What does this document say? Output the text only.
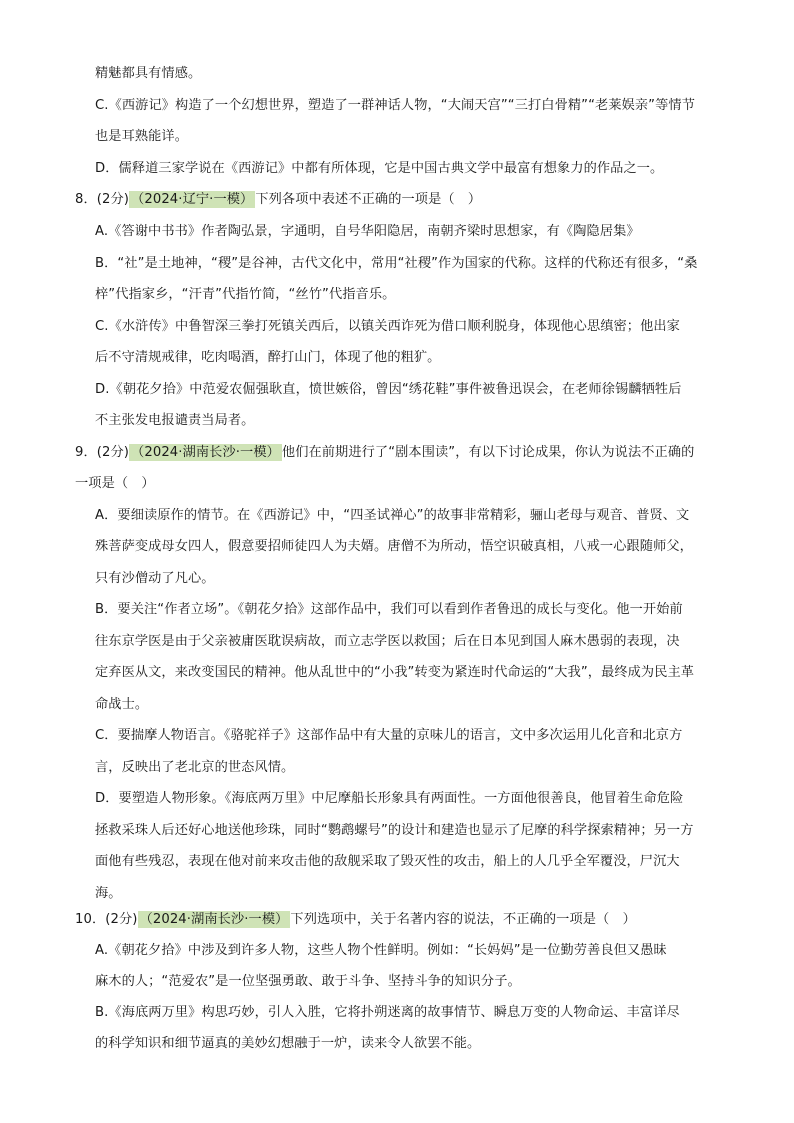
精魅都具有情感。
C.《西游记》构造了一个幻想世界，塑造了一群神话人物，“大闹天宫”“三打白骨精”“老莱娱亲”等情节
也是耳熟能详。
D．儒释道三家学说在《西游记》中都有所体现，它是中国古典文学中最富有想象力的作品之一。
8．(2分) （2024·辽宁·一模） 下列各项中表述不正确的一项是（　）
A.《答谢中书书》作者陶弘景，字通明，自号华阳隐居，南朝齐梁时思想家，有《陶隐居集》
B．“社”是土地神，“稷”是谷神，古代文化中，常用“社稷”作为国家的代称。这样的代称还有很多，“桑
梓”代指家乡，“汗青”代指竹简，“丝竹”代指音乐。
C.《水浒传》中鲁智深三拳打死镇关西后，以镇关西诈死为借口顺利脱身，体现他心思缜密；他出家
后不守清规戒律，吃肉喝酒，醉打山门，体现了他的粗犷。
D.《朝花夕拾》中范爱农倔强耿直，愤世嫉俗，曾因“绣花鞋”事件被鲁迅误会，在老师徐锡麟牺牲后
不主张发电报谴责当局者。
9．(2分) （2024·湖南长沙·一模） 他们在前期进行了“剧本围读”，有以下讨论成果，你认为说法不正确的
一项是（　）
A．要细读原作的情节。在《西游记》中，“四圣试禅心”的故事非常精彩，骊山老母与观音、普贤、文
殊菩萨变成母女四人，假意要招师徒四人为夫婿。唐僧不为所动，悟空识破真相，八戒一心跟随师父，
只有沙僧动了凡心。
B．要关注“作者立场”。《朝花夕拾》这部作品中，我们可以看到作者鲁迅的成长与变化。他一开始前
往东京学医是由于父亲被庸医耽误病故，而立志学医以救国；后在日本见到国人麻木愚弱的表现，决
定弃医从文，来改变国民的精神。他从乱世中的“小我”转变为紧连时代命运的“大我”，最终成为民主革
命战士。
C．要揣摩人物语言。《骆驼祥子》这部作品中有大量的京味儿的语言，文中多次运用儿化音和北京方
言，反映出了老北京的世态风情。
D．要塑造人物形象。《海底两万里》中尼摩船长形象具有两面性。一方面他很善良，他冒着生命危险
拯救采珠人后还好心地送他珍珠，同时“鹦鹉螺号”的设计和建造也显示了尼摩的科学探索精神；另一方
面他有些残忍，表现在他对前来攻击他的敌舰采取了毁灭性的攻击，船上的人几乎全军覆没，尸沉大
海。
10．(2分) （2024·湖南长沙·一模） 下列选项中，关于名著内容的说法，不正确的一项是（　）
A.《朝花夕拾》中涉及到许多人物，这些人物个性鲜明。例如：“长妈妈”是一位勤劳善良但又愚昧
麻木的人；“范爱农”是一位坚强勇敢、敢于斗争、坚持斗争的知识分子。
B.《海底两万里》构思巧妙，引人入胜，它将扑朔迷离的故事情节、瞬息万变的人物命运、丰富详尽
的科学知识和细节逼真的美妙幻想融于一炉，读来令人欲罢不能。
